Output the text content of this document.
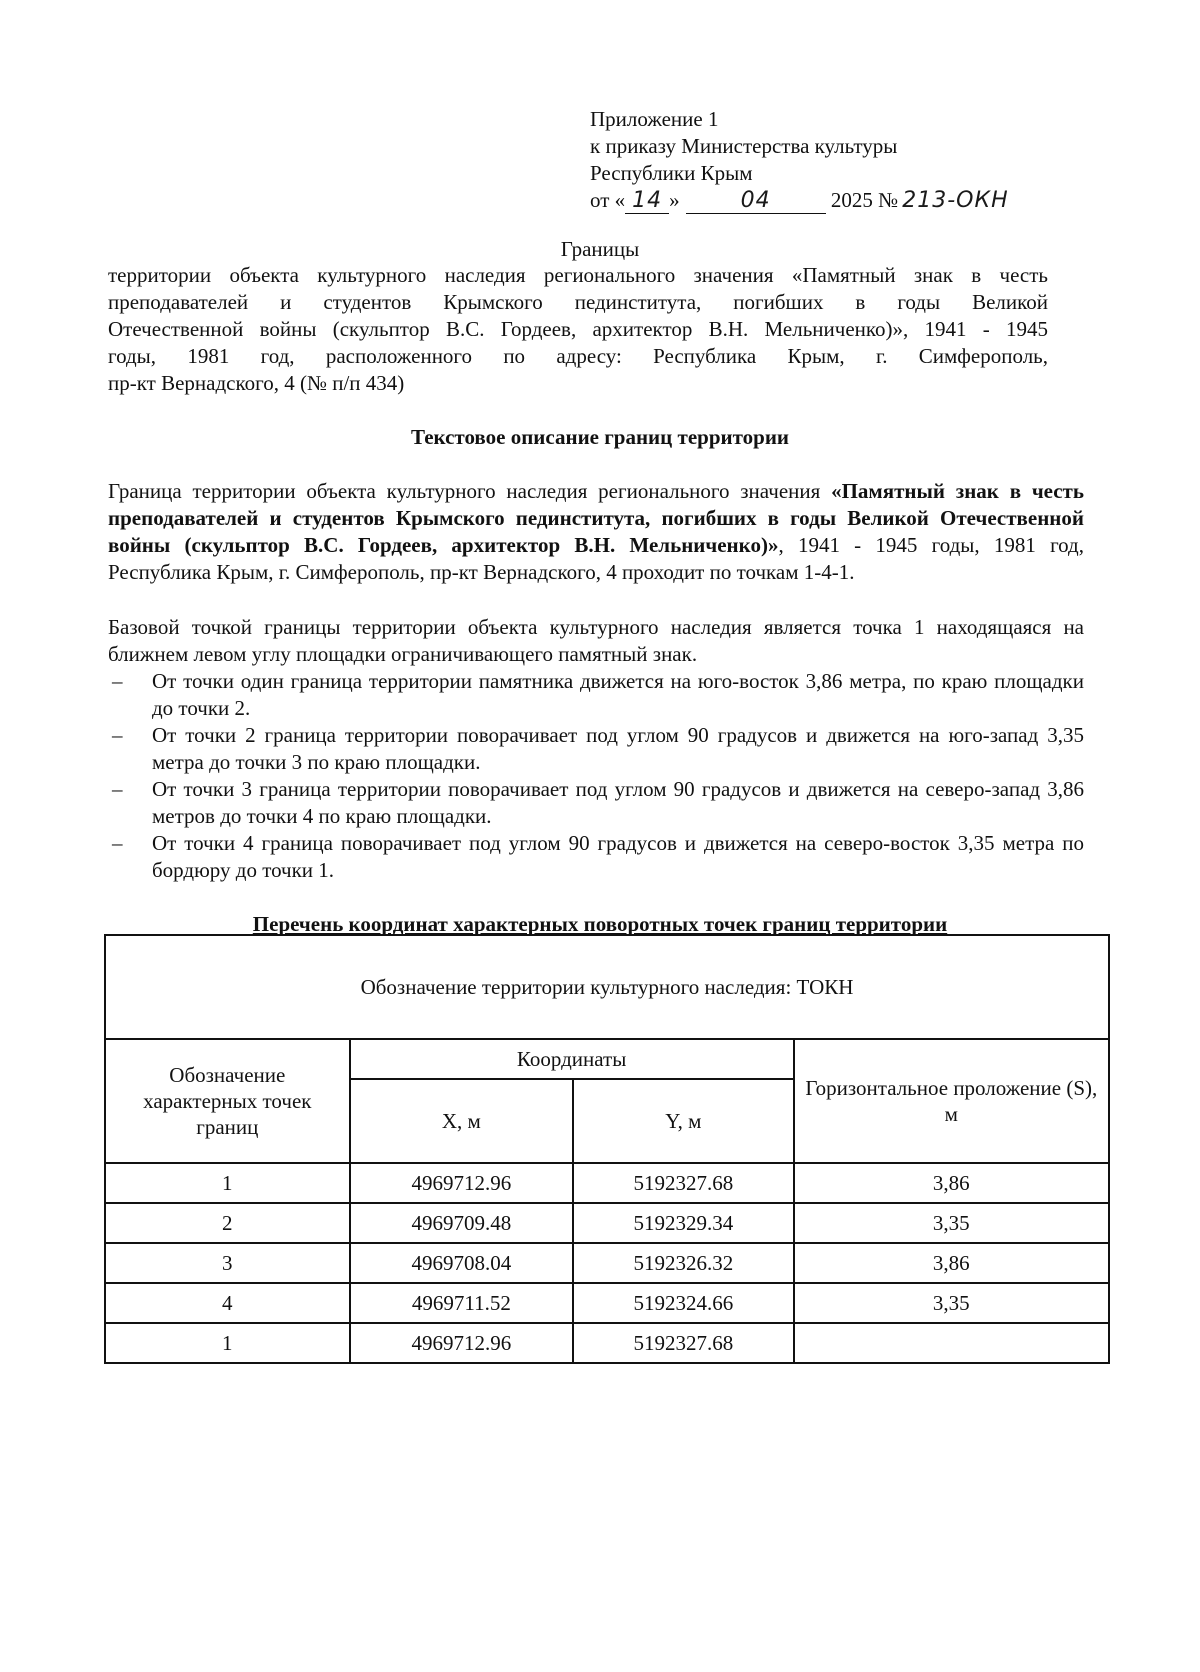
Приложение 1
к приказу Министерства культуры
Республики Крым
от « 14 »	04	2025 № 213-ОКН
Границы
территории объекта культурного наследия регионального значения «Памятный знак в честь
преподавателей и студентов Крымского пединститута, погибших в годы Великой
Отечественной войны (скульптор В.С. Гордеев, архитектор В.Н. Мельниченко)», 1941 - 1945
годы, 1981 год, расположенного по адресу: Республика Крым, г. Симферополь,
пр-кт Вернадского, 4 (№ п/п 434)
Текстовое описание границ территории
Граница территории объекта культурного наследия регионального значения «Памятный знак в честь преподавателей и студентов Крымского пединститута, погибших в годы Великой Отечественной войны (скульптор В.С. Гордеев, архитектор В.Н. Мельниченко)», 1941 - 1945 годы, 1981 год, Республика Крым, г. Симферополь, пр-кт Вернадского, 4 проходит по точкам 1-4-1.
Базовой точкой границы территории объекта культурного наследия является точка 1 находящаяся на ближнем левом углу площадки ограничивающего памятный знак.
– От точки один граница территории памятника движется на юго-восток 3,86 метра, по краю площадки до точки 2.
– От точки 2 граница территории поворачивает под углом 90 градусов и движется на юго-запад 3,35 метра до точки 3 по краю площадки.
– От точки 3 граница территории поворачивает под углом 90 градусов и движется на северо-запад 3,86 метров до точки 4 по краю площадки.
– От точки 4 граница поворачивает под углом 90 градусов и движется на северо-восток 3,35 метра по бордюру до точки 1.
Перечень координат характерных поворотных точек границ территории
Обозначение территории культурного наследия: ТОКН			
Обозначение характерных точек границ	Координаты		Горизонтальное проложение (S), м
	X, м	Y, м	
1	4969712.96	5192327.68	3,86
2	4969709.48	5192329.34	3,35
3	4969708.04	5192326.32	3,86
4	4969711.52	5192324.66	3,35
1	4969712.96	5192327.68	
